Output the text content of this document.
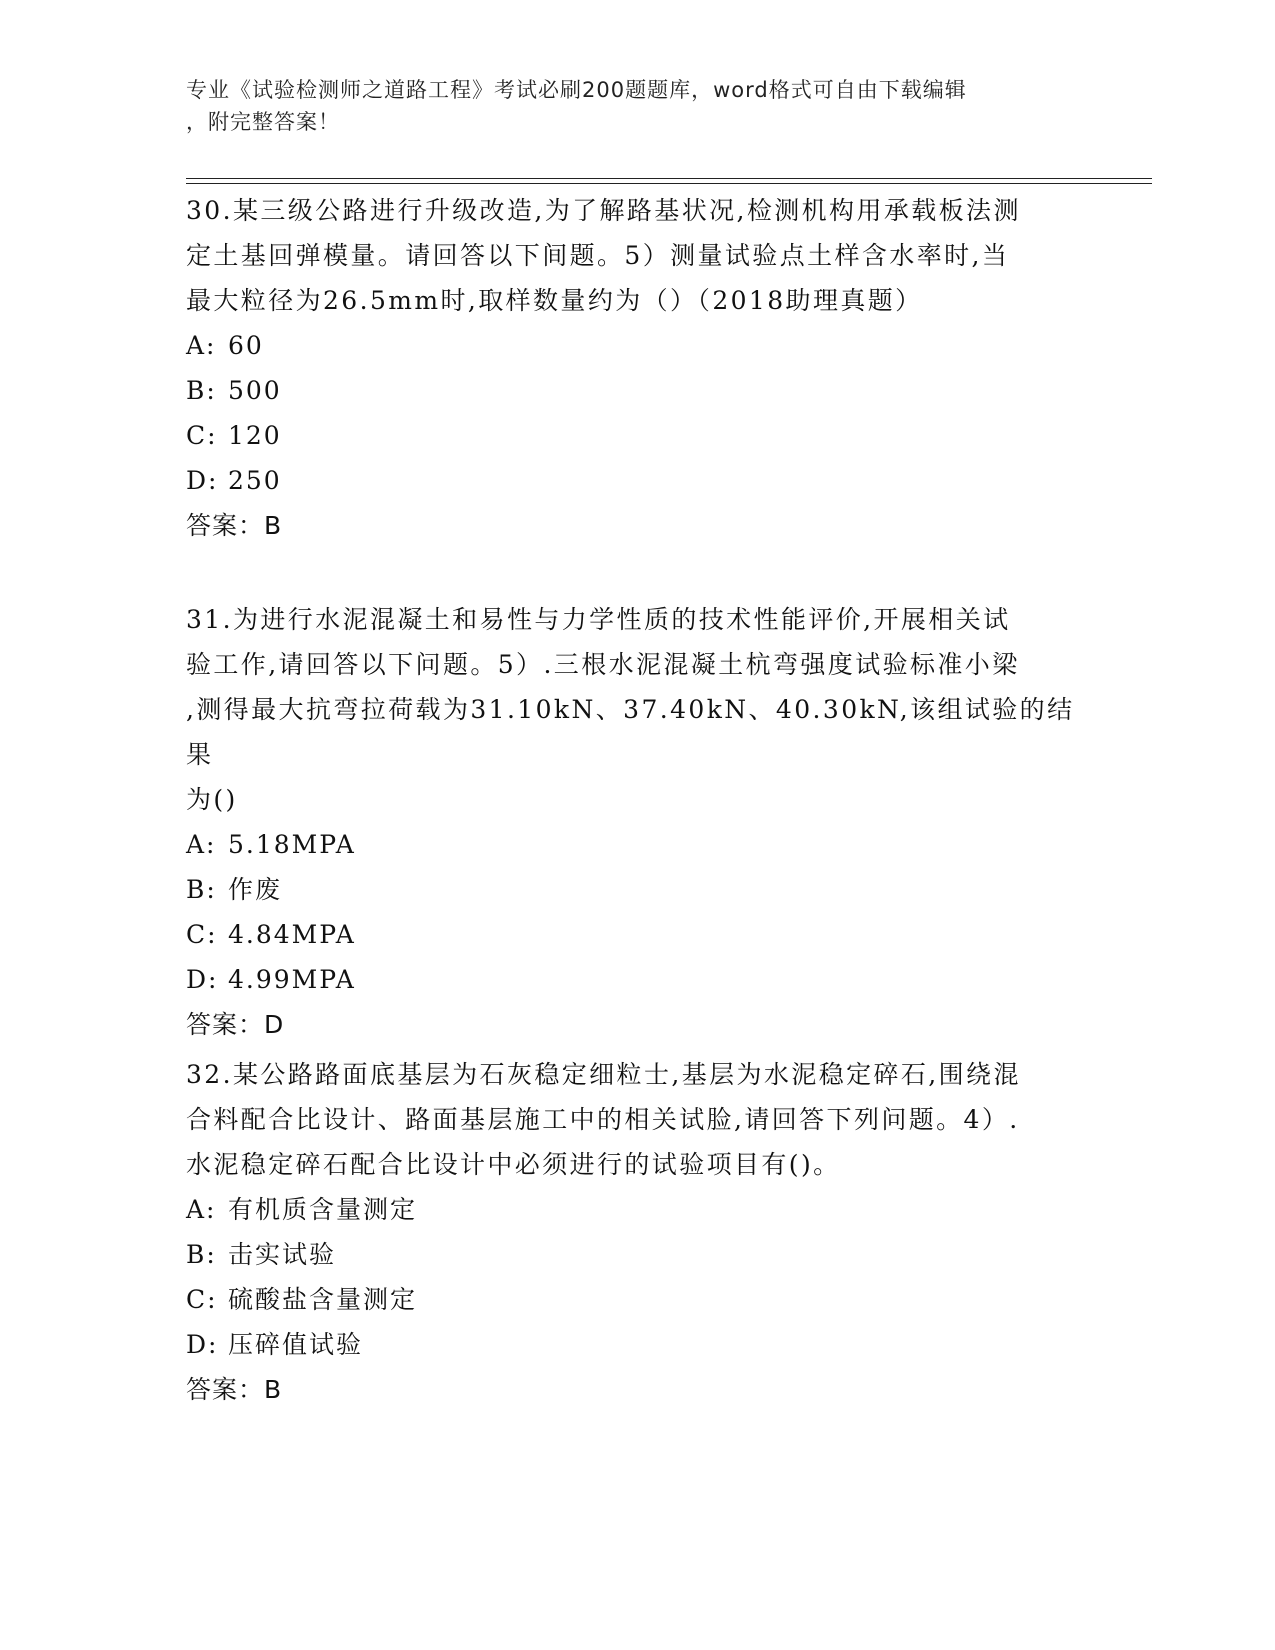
专业《试验检测师之道路工程》考试必刷200题题库，word格式可自由下载编辑
，附完整答案！

30.某三级公路进行升级改造,为了解路基状况,检测机构用承载板法测
定土基回弹模量。请回答以下间题。5）测量试验点土样含水率时,当
最大粒径为26.5mm时,取样数量约为（）（2018助理真题）

A: 60
B: 500
C: 120
D: 250
答案：B

31.为进行水泥混凝土和易性与力学性质的技术性能评价,开展相关试
验工作,请回答以下问题。5）.三根水泥混凝土杭弯强度试验标准小梁
,测得最大抗弯拉荷载为31.10kN、37.40kN、40.30kN,该组试验的结果
为()

A: 5.18MPA
B: 作废
C: 4.84MPA
D: 4.99MPA
答案：D

32.某公路路面底基层为石灰稳定细粒士,基层为水泥稳定碎石,围绕混
合料配合比设计、路面基层施工中的相关试脸,请回答下列问题。4）.
水泥稳定碎石配合比设计中必须进行的试验项目有()。

A: 有机质含量测定
B: 击实试验
C: 硫酸盐含量测定
D: 压碎值试验
答案：B
